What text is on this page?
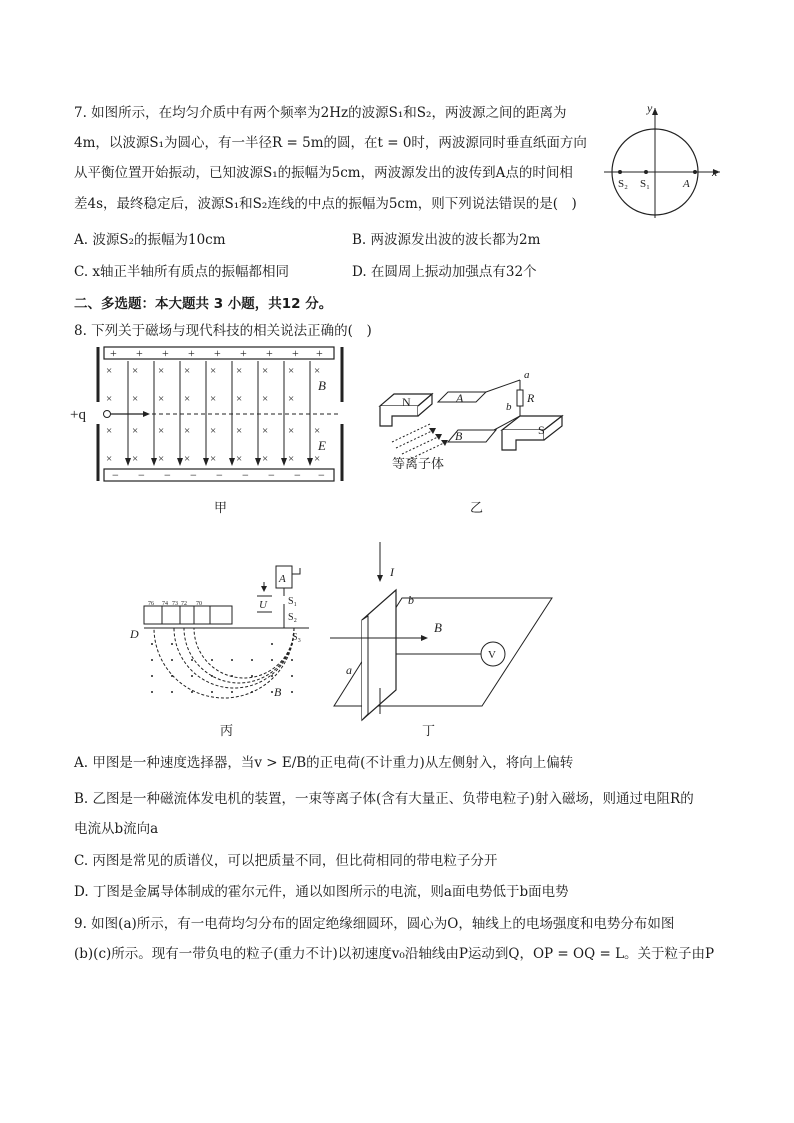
7. 如图所示，在均匀介质中有两个频率为2Hz的波源S₁和S₂，两波源之间的距离为
4m，以波源S₁为圆心，有一半径R = 5m的圆，在t = 0时，两波源同时垂直纸面方向
从平衡位置开始振动，已知波源S₁的振幅为5cm，两波源发出的波传到A点的时间相
差4s，最终稳定后，波源S₁和S₂连线的中点的振幅为5cm，则下列说法错误的是(　)
A. 波源S₂的振幅为10cm	B. 两波源发出波的波长都为2m
C. x轴正半轴所有质点的振幅都相同	D. 在圆周上振动加强点有32个
y
x
S₂ S₁	A
二、多选题：本大题共 3 小题，共12 分。
8. 下列关于磁场与现代科技的相关说法正确的(　)
+ + + + + + + + +
− − − − − − − − −
× × × × × × × × ×
× × × × × × × ×
× × × × × × × × ×
× × × × × × × × ×
+q
B
E
甲
N	A
B
a
R
b
S
等离子体
乙
76 74 73 72 70
D
B
A
U S₁
S₂
S₃
丙
I
a
b
B
V
丁
A. 甲图是一种速度选择器，当v > E/B的正电荷(不计重力)从左侧射入，将向上偏转
B. 乙图是一种磁流体发电机的装置，一束等离子体(含有大量正、负带电粒子)射入磁场，则通过电阻R的
电流从b流向a
C. 丙图是常见的质谱仪，可以把质量不同，但比荷相同的带电粒子分开
D. 丁图是金属导体制成的霍尔元件，通以如图所示的电流，则a面电势低于b面电势
9. 如图(a)所示，有一电荷均匀分布的固定绝缘细圆环，圆心为O，轴线上的电场强度和电势分布如图
(b)(c)所示。现有一带负电的粒子(重力不计)以初速度v₀沿轴线由P运动到Q，OP = OQ = L。关于粒子由P
